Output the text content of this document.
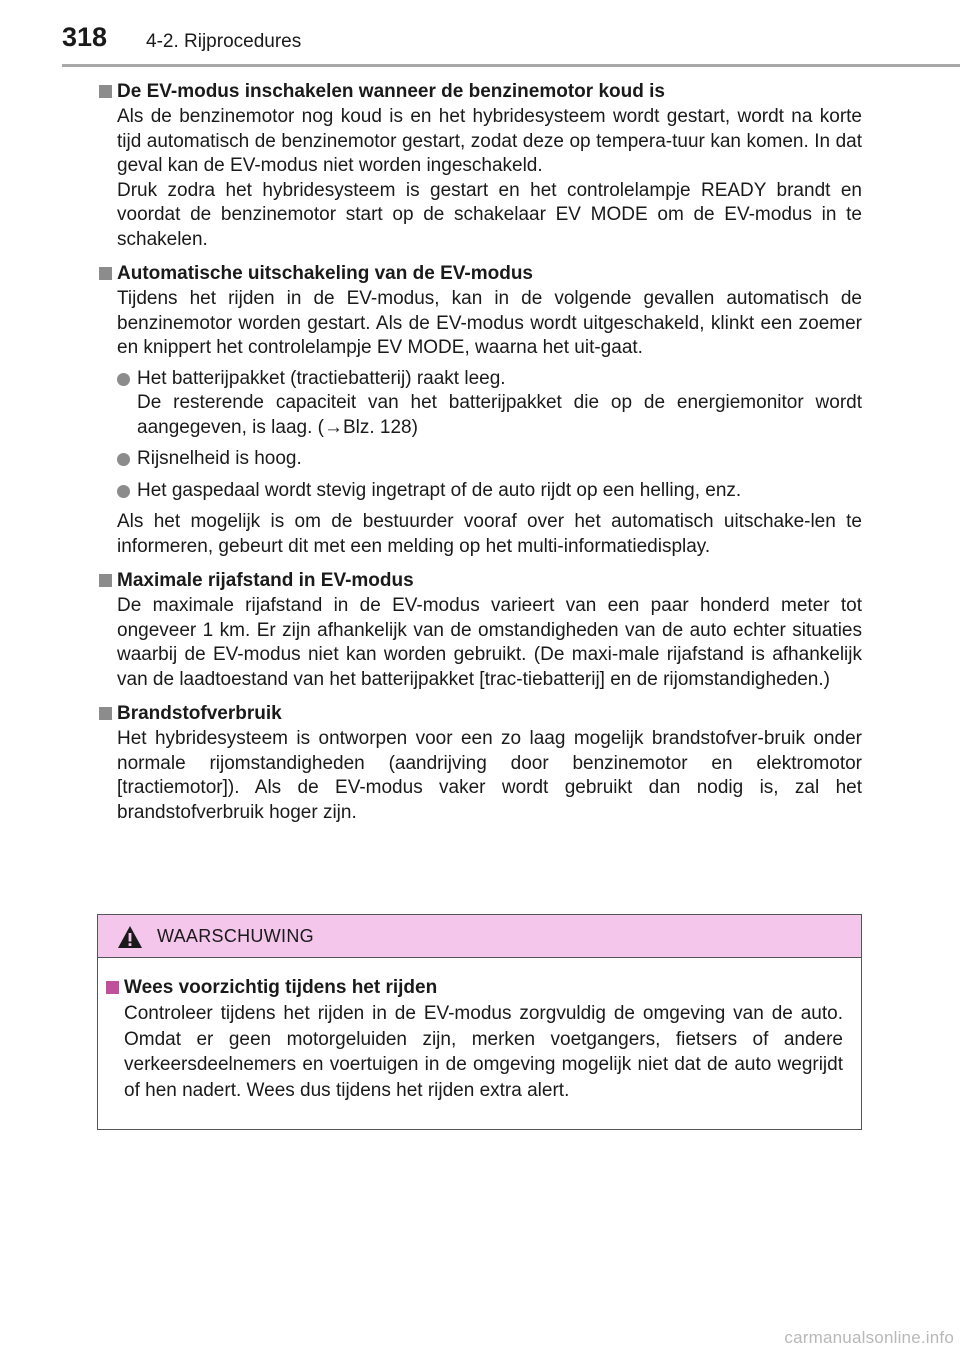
318 4-2. Rijprocedures
De EV-modus inschakelen wanneer de benzinemotor koud is
Als de benzinemotor nog koud is en het hybridesysteem wordt gestart, wordt na korte tijd automatisch de benzinemotor gestart, zodat deze op tempera-tuur kan komen. In dat geval kan de EV-modus niet worden ingeschakeld.
Druk zodra het hybridesysteem is gestart en het controlelampje READY brandt en voordat de benzinemotor start op de schakelaar EV MODE om de EV-modus in te schakelen.
Automatische uitschakeling van de EV-modus
Tijdens het rijden in de EV-modus, kan in de volgende gevallen automatisch de benzinemotor worden gestart. Als de EV-modus wordt uitgeschakeld, klinkt een zoemer en knippert het controlelampje EV MODE, waarna het uit-gaat.
Het batterijpakket (tractiebatterij) raakt leeg.
De resterende capaciteit van het batterijpakket die op de energiemonitor wordt aangegeven, is laag. (→Blz. 128)
Rijsnelheid is hoog.
Het gaspedaal wordt stevig ingetrapt of de auto rijdt op een helling, enz.
Als het mogelijk is om de bestuurder vooraf over het automatisch uitschake-len te informeren, gebeurt dit met een melding op het multi-informatiedisplay.
Maximale rijafstand in EV-modus
De maximale rijafstand in de EV-modus varieert van een paar honderd meter tot ongeveer 1 km. Er zijn afhankelijk van de omstandigheden van de auto echter situaties waarbij de EV-modus niet kan worden gebruikt. (De maxi-male rijafstand is afhankelijk van de laadtoestand van het batterijpakket [trac-tiebatterij] en de rijomstandigheden.)
Brandstofverbruik
Het hybridesysteem is ontworpen voor een zo laag mogelijk brandstofver-bruik onder normale rijomstandigheden (aandrijving door benzinemotor en elektromotor [tractiemotor]). Als de EV-modus vaker wordt gebruikt dan nodig is, zal het brandstofverbruik hoger zijn.
WAARSCHUWING
Wees voorzichtig tijdens het rijden
Controleer tijdens het rijden in de EV-modus zorgvuldig de omgeving van de auto. Omdat er geen motorgeluiden zijn, merken voetgangers, fietsers of andere verkeersdeelnemers en voertuigen in de omgeving mogelijk niet dat de auto wegrijdt of hen nadert. Wees dus tijdens het rijden extra alert.
carmanualsonline.info
